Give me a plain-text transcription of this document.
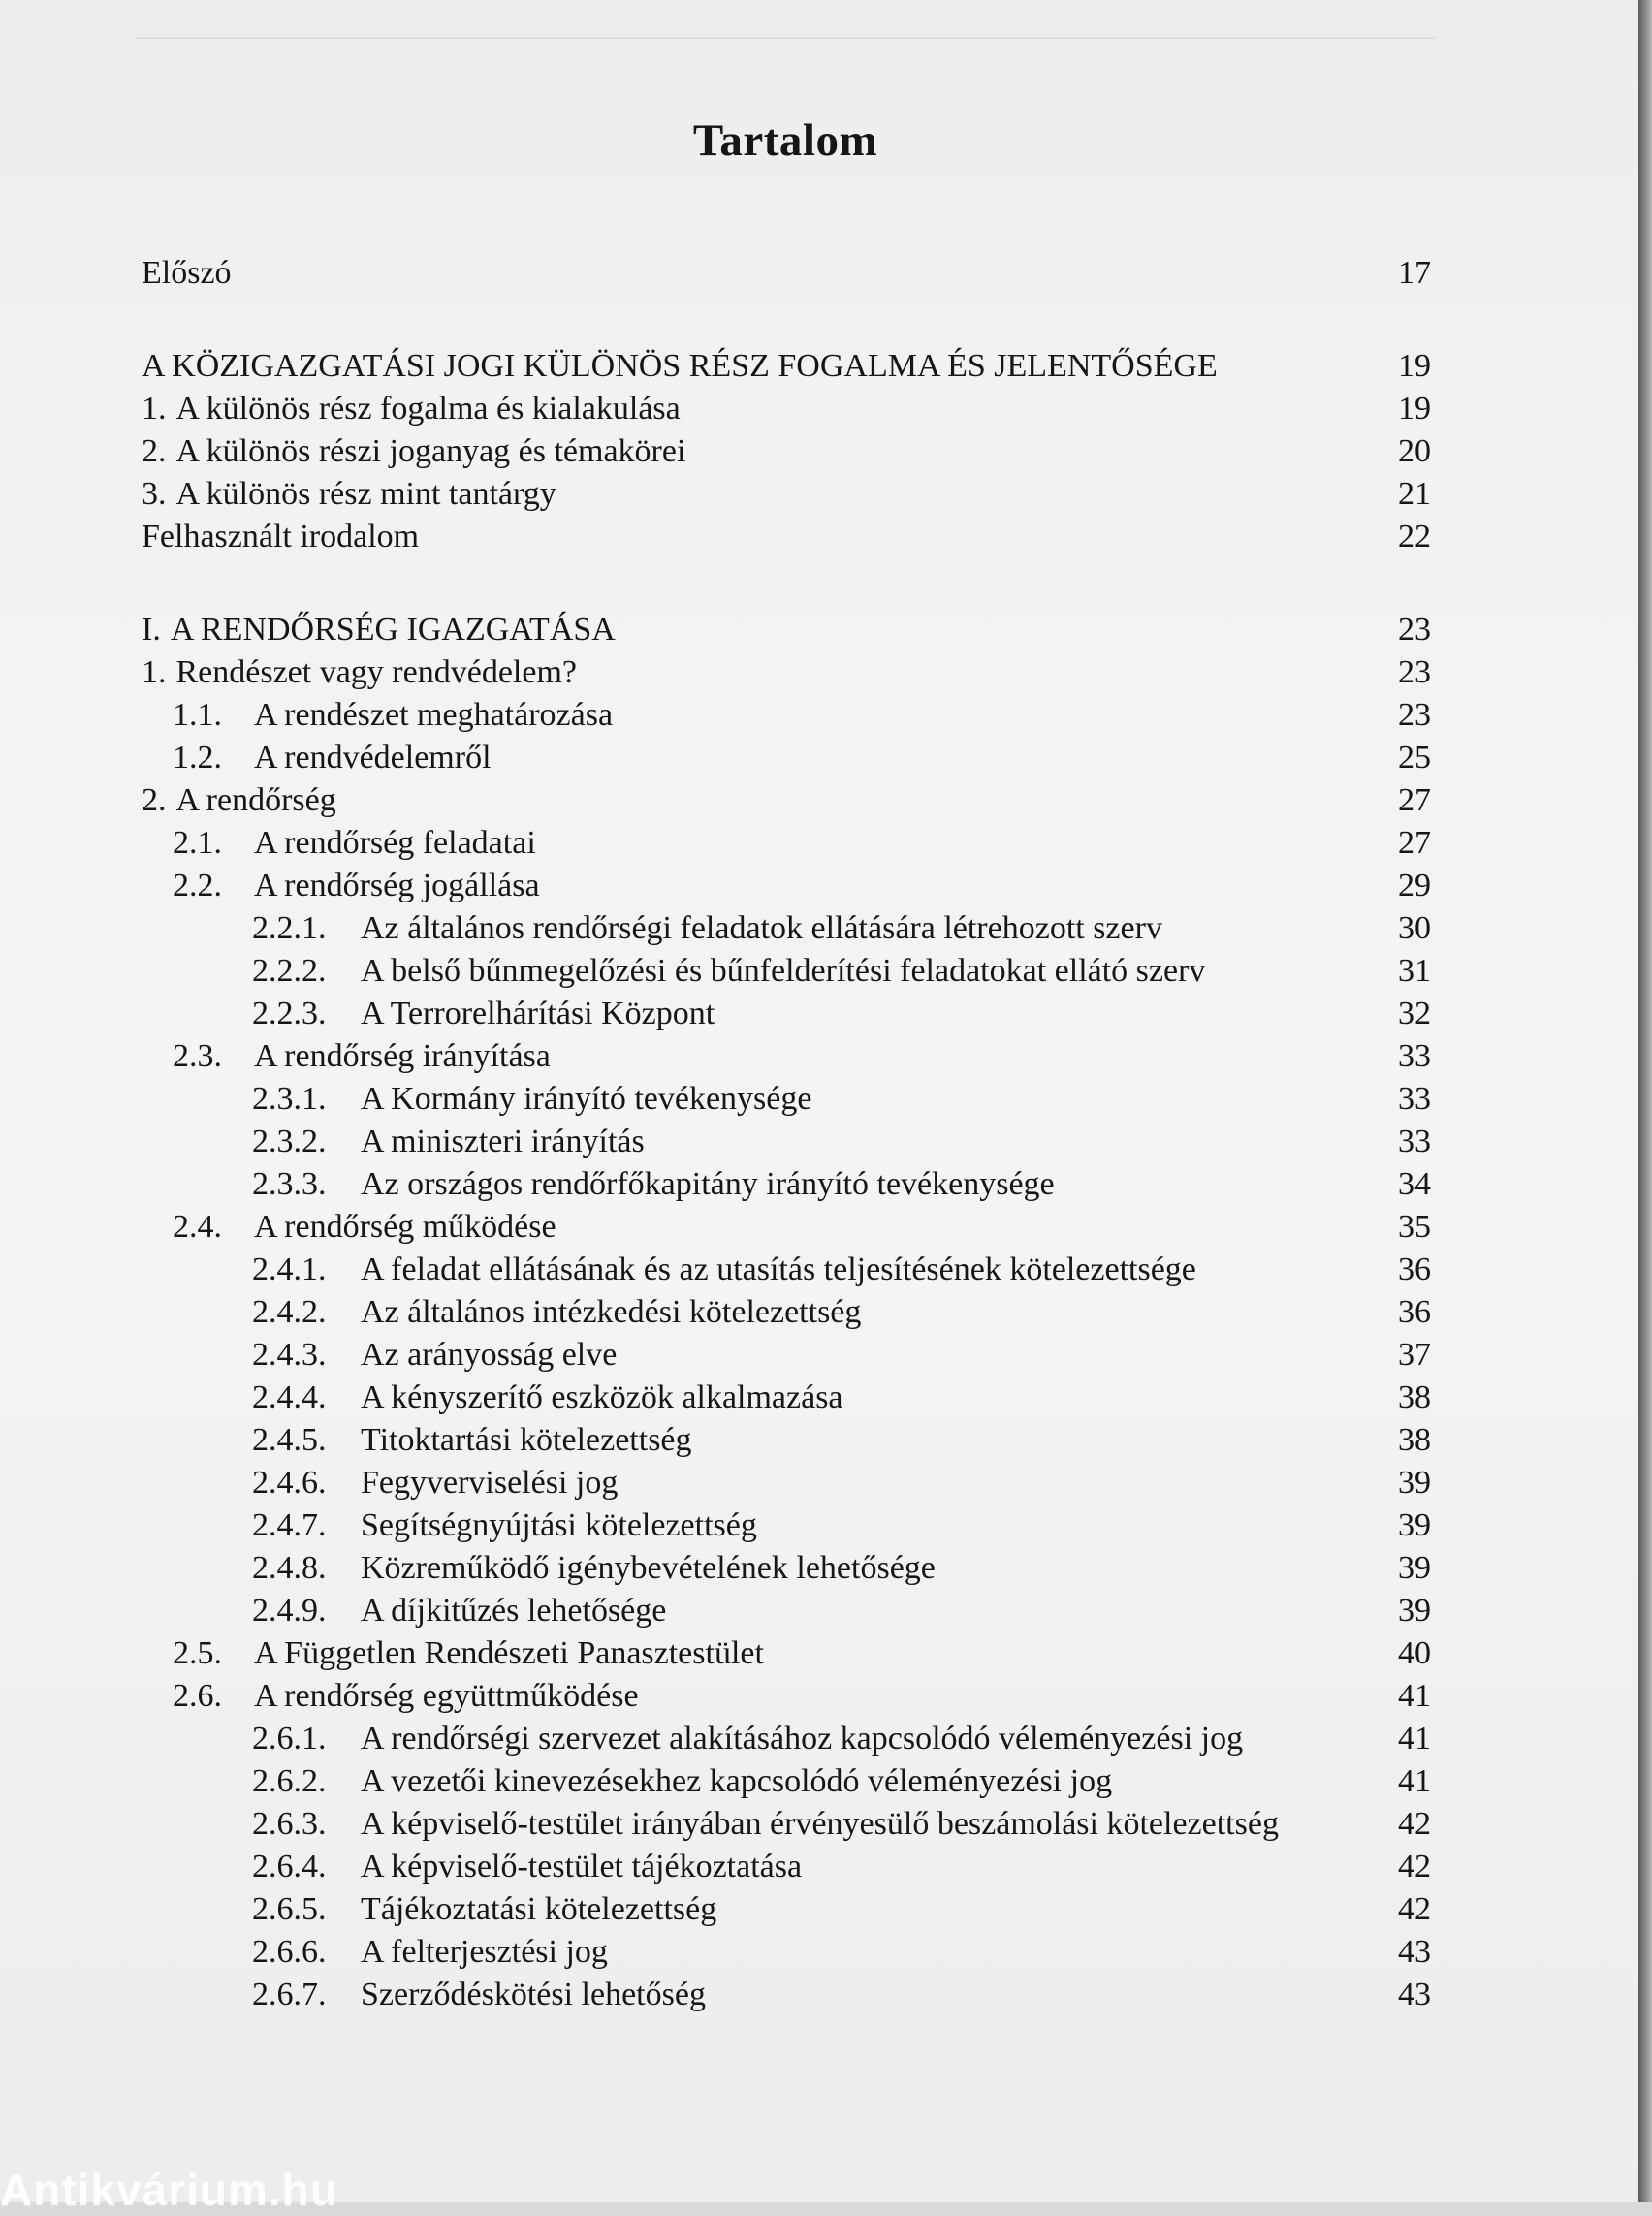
Tartalom
Előszó	17
A KÖZIGAZGATÁSI JOGI KÜLÖNÖS RÉSZ FOGALMA ÉS JELENTŐSÉGE	19
1. A különös rész fogalma és kialakulása	19
2. A különös részi joganyag és témakörei	20
3. A különös rész mint tantárgy	21
Felhasznált irodalom	22
I. A RENDŐRSÉG IGAZGATÁSA	23
1. Rendészet vagy rendvédelem?	23
1.1. A rendészet meghatározása	23
1.2. A rendvédelemről	25
2. A rendőrség	27
2.1. A rendőrség feladatai	27
2.2. A rendőrség jogállása	29
2.2.1.	Az általános rendőrségi feladatok ellátására létrehozott szerv	30
2.2.2.	A belső bűnmegelőzési és bűnfelderítési feladatokat ellátó szerv	31
2.2.3.	A Terrorelhárítási Központ	32
2.3. A rendőrség irányítása	33
2.3.1.	A Kormány irányító tevékenysége	33
2.3.2.	A miniszteri irányítás	33
2.3.3.	Az országos rendőrfőkapitány irányító tevékenysége	34
2.4. A rendőrség működése	35
2.4.1.	A feladat ellátásának és az utasítás teljesítésének kötelezettsége	36
2.4.2.	Az általános intézkedési kötelezettség	36
2.4.3.	Az arányosság elve	37
2.4.4.	A kényszerítő eszközök alkalmazása	38
2.4.5.	Titoktartási kötelezettség	38
2.4.6.	Fegyverviselési jog	39
2.4.7.	Segítségnyújtási kötelezettség	39
2.4.8.	Közreműködő igénybevételének lehetősége	39
2.4.9.	A díjkitűzés lehetősége	39
2.5. A Független Rendészeti Panasztestület	40
2.6. A rendőrség együttműködése	41
2.6.1.	A rendőrségi szervezet alakításához kapcsolódó véleményezési jog	41
2.6.2.	A vezetői kinevezésekhez kapcsolódó véleményezési jog	41
2.6.3.	A képviselő-testület irányában érvényesülő beszámolási kötelezettség	42
2.6.4.	A képviselő-testület tájékoztatása	42
2.6.5.	Tájékoztatási kötelezettség	42
2.6.6.	A felterjesztési jog	43
2.6.7.	Szerződéskötési lehetőség	43
Antikvárium.hu
